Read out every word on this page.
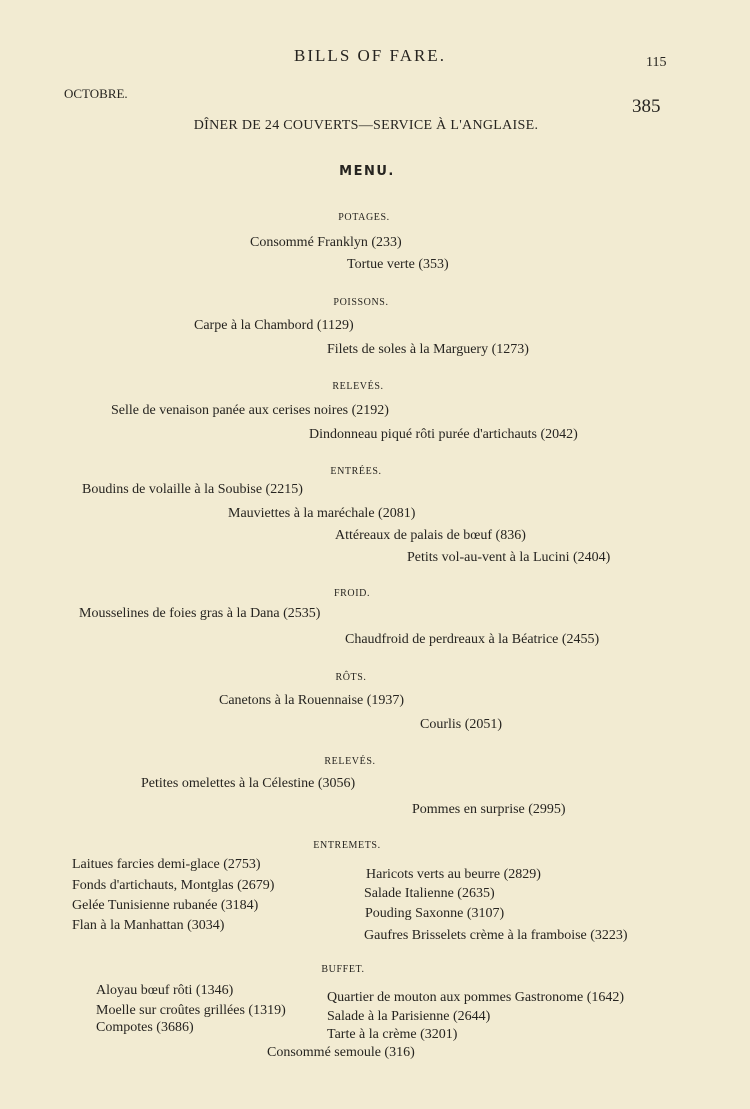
BILLS OF FARE.	115
OCTOBRE.
385
DÎNER DE 24 COUVERTS—SERVICE À L'ANGLAISE.
MENU.
POTAGES.
Consommé Franklyn (233)
Tortue verte (353)
POISSONS.
Carpe à la Chambord (1129)
Filets de soles à la Marguery (1273)
RELEVÉS.
Selle de venaison panée aux cerises noires (2192)
Dindonneau piqué rôti purée d'artichauts (2042)
ENTRÉES.
Boudins de volaille à la Soubise (2215)
Mauviettes à la maréchale (2081)
Attéreaux de palais de bœuf (836)
Petits vol-au-vent à la Lucini (2404)
FROID.
Mousselines de foies gras à la Dana (2535)
Chaudfroid de perdreaux à la Béatrice (2455)
RÔTS.
Canetons à la Rouennaise (1937)
Courlis (2051)
RELEVÉS.
Petites omelettes à la Célestine (3056)
Pommes en surprise (2995)
ENTREMETS.
Laitues farcies demi-glace (2753)
Fonds d'artichauts, Montglas (2679)
Gelée Tunisienne rubanée (3184)
Flan à la Manhattan (3034)
Haricots verts au beurre (2829)
Salade Italienne (2635)
Pouding Saxonne (3107)
Gaufres Brisselets crème à la framboise (3223)
BUFFET.
Aloyau bœuf rôti (1346)
Moelle sur croûtes grillées (1319)
Compotes (3686)
Quartier de mouton aux pommes Gastronome (1642)
Salade à la Parisienne (2644)
Tarte à la crème (3201)
Consommé semoule (316)
